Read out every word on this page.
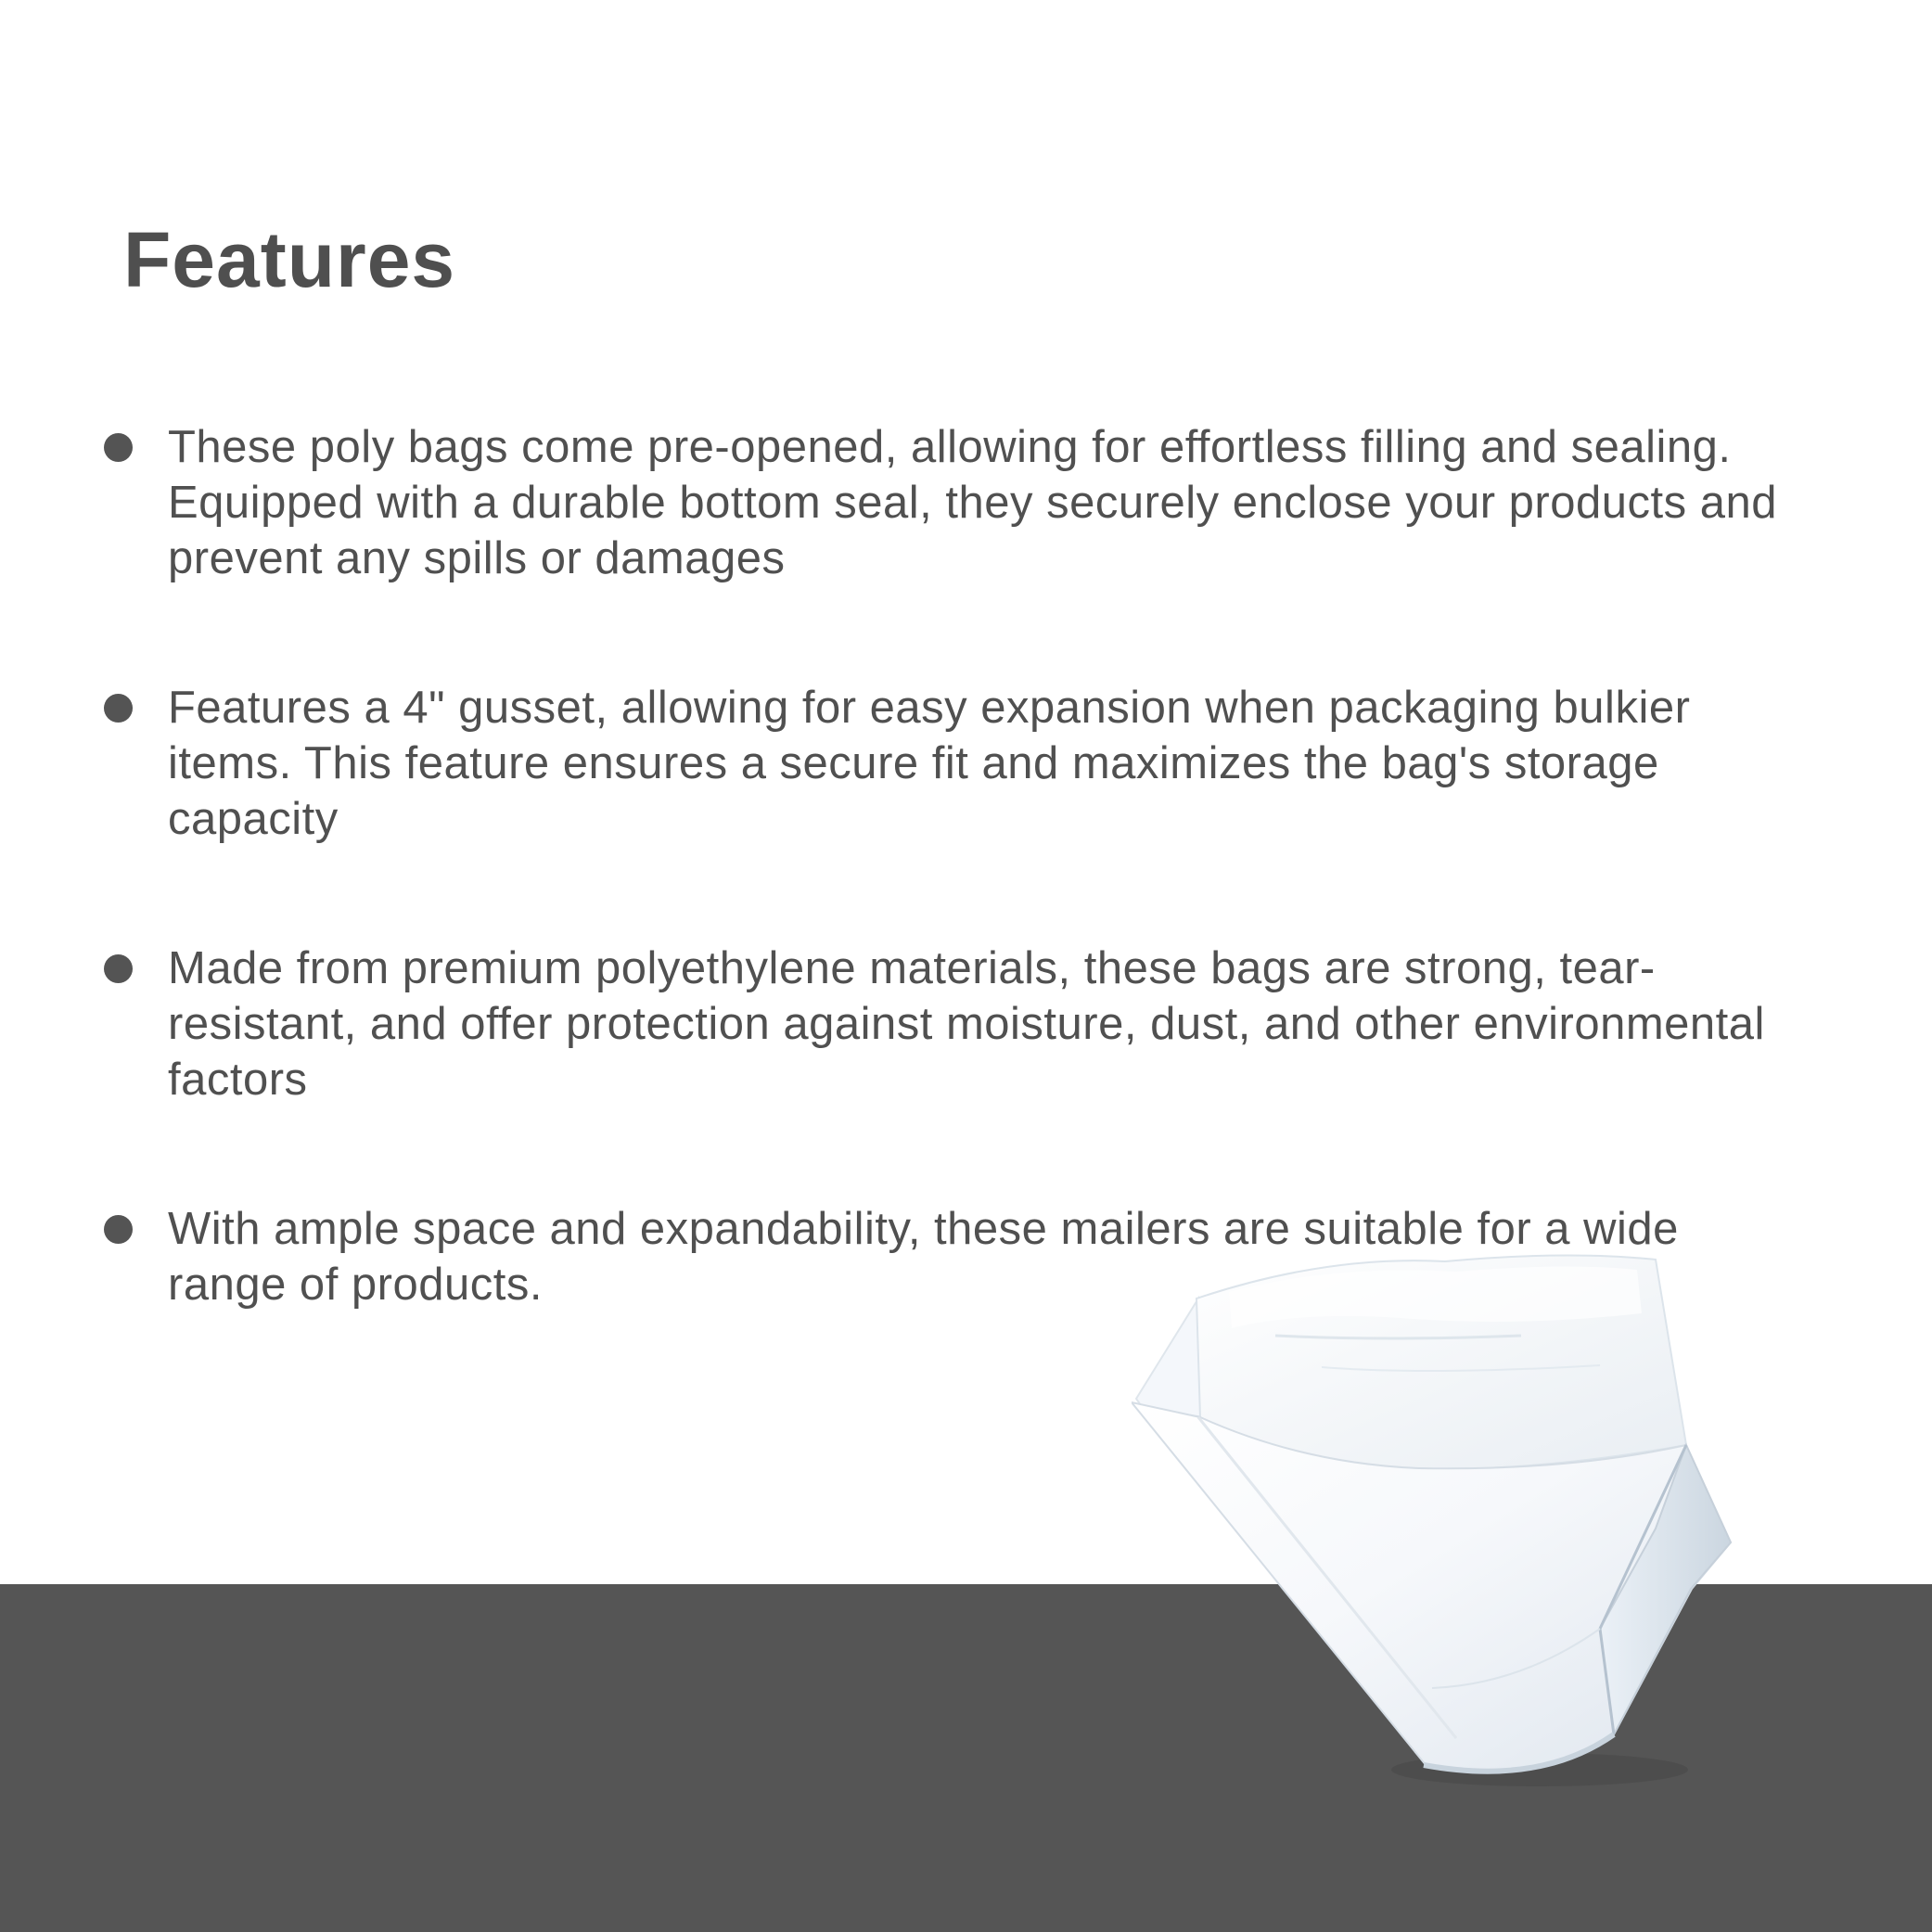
Features
These poly bags come pre-opened, allowing for effortless filling and sealing. Equipped with a durable bottom seal, they securely enclose your products and prevent any spills or damages
Features a 4" gusset, allowing for easy expansion when packaging bulkier items. This feature ensures a secure fit and maximizes the bag's storage capacity
Made from premium polyethylene materials, these bags are strong, tear-resistant, and offer protection against moisture, dust, and other environmental factors
With ample space and expandability, these mailers are suitable for a wide range of products.
